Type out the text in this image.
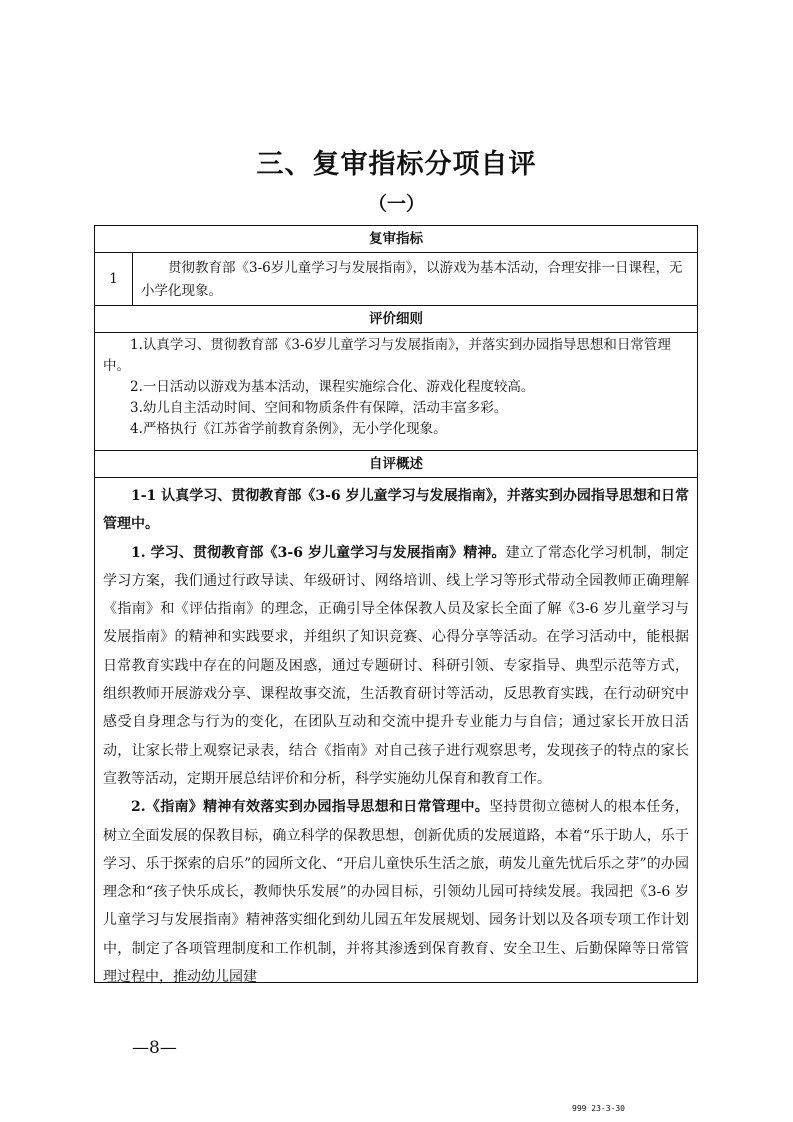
三、复审指标分项自评
（一）
复审指标
1
贯彻教育部《3-6岁儿童学习与发展指南》，以游戏为基本活动，合理安排一日课程，无小学化现象。
评价细则

1.认真学习、贯彻教育部《3-6岁儿童学习与发展指南》，并落实到办园指导思想和日常管理中。

2.一日活动以游戏为基本活动，课程实施综合化、游戏化程度较高。

3.幼儿自主活动时间、空间和物质条件有保障，活动丰富多彩。

4.严格执行《江苏省学前教育条例》，无小学化现象。

自评概述

1-1 认真学习、贯彻教育部《3-6 岁儿童学习与发展指南》，并落实到办园指导思想和日常管理中。

1. 学习、贯彻教育部《3-6 岁儿童学习与发展指南》精神。建立了常态化学习机制，制定学习方案，我们通过行政导读、年级研讨、网络培训、线上学习等形式带动全园教师正确理解《指南》和《评估指南》的理念，正确引导全体保教人员及家长全面了解《3-6 岁儿童学习与发展指南》的精神和实践要求，并组织了知识竞赛、心得分享等活动。在学习活动中，能根据日常教育实践中存在的问题及困惑，通过专题研讨、科研引领、专家指导、典型示范等方式，组织教师开展游戏分享、课程故事交流，生活教育研讨等活动，反思教育实践，在行动研究中感受自身理念与行为的变化，在团队互动和交流中提升专业能力与自信；通过家长开放日活动，让家长带上观察记录表，结合《指南》对自己孩子进行观察思考，发现孩子的特点的家长宣教等活动，定期开展总结评价和分析，科学实施幼儿保育和教育工作。

2.《指南》精神有效落实到办园指导思想和日常管理中。坚持贯彻立德树人的根本任务，树立全面发展的保教目标，确立科学的保教思想，创新优质的发展道路，本着“乐于助人，乐于学习、乐于探索的启乐”的园所文化、“开启儿童快乐生活之旅，萌发儿童先忧后乐之芽”的办园理念和“孩子快乐成长，教师快乐发展”的办园目标，引领幼儿园可持续发展。我园把《3-6 岁儿童学习与发展指南》精神落实细化到幼儿园五年发展规划、园务计划以及各项专项工作计划中，制定了各项管理制度和工作机制，并将其渗透到保育教育、安全卫生、后勤保障等日常管理过程中，推动幼儿园建

—8—
999 23-3-30
